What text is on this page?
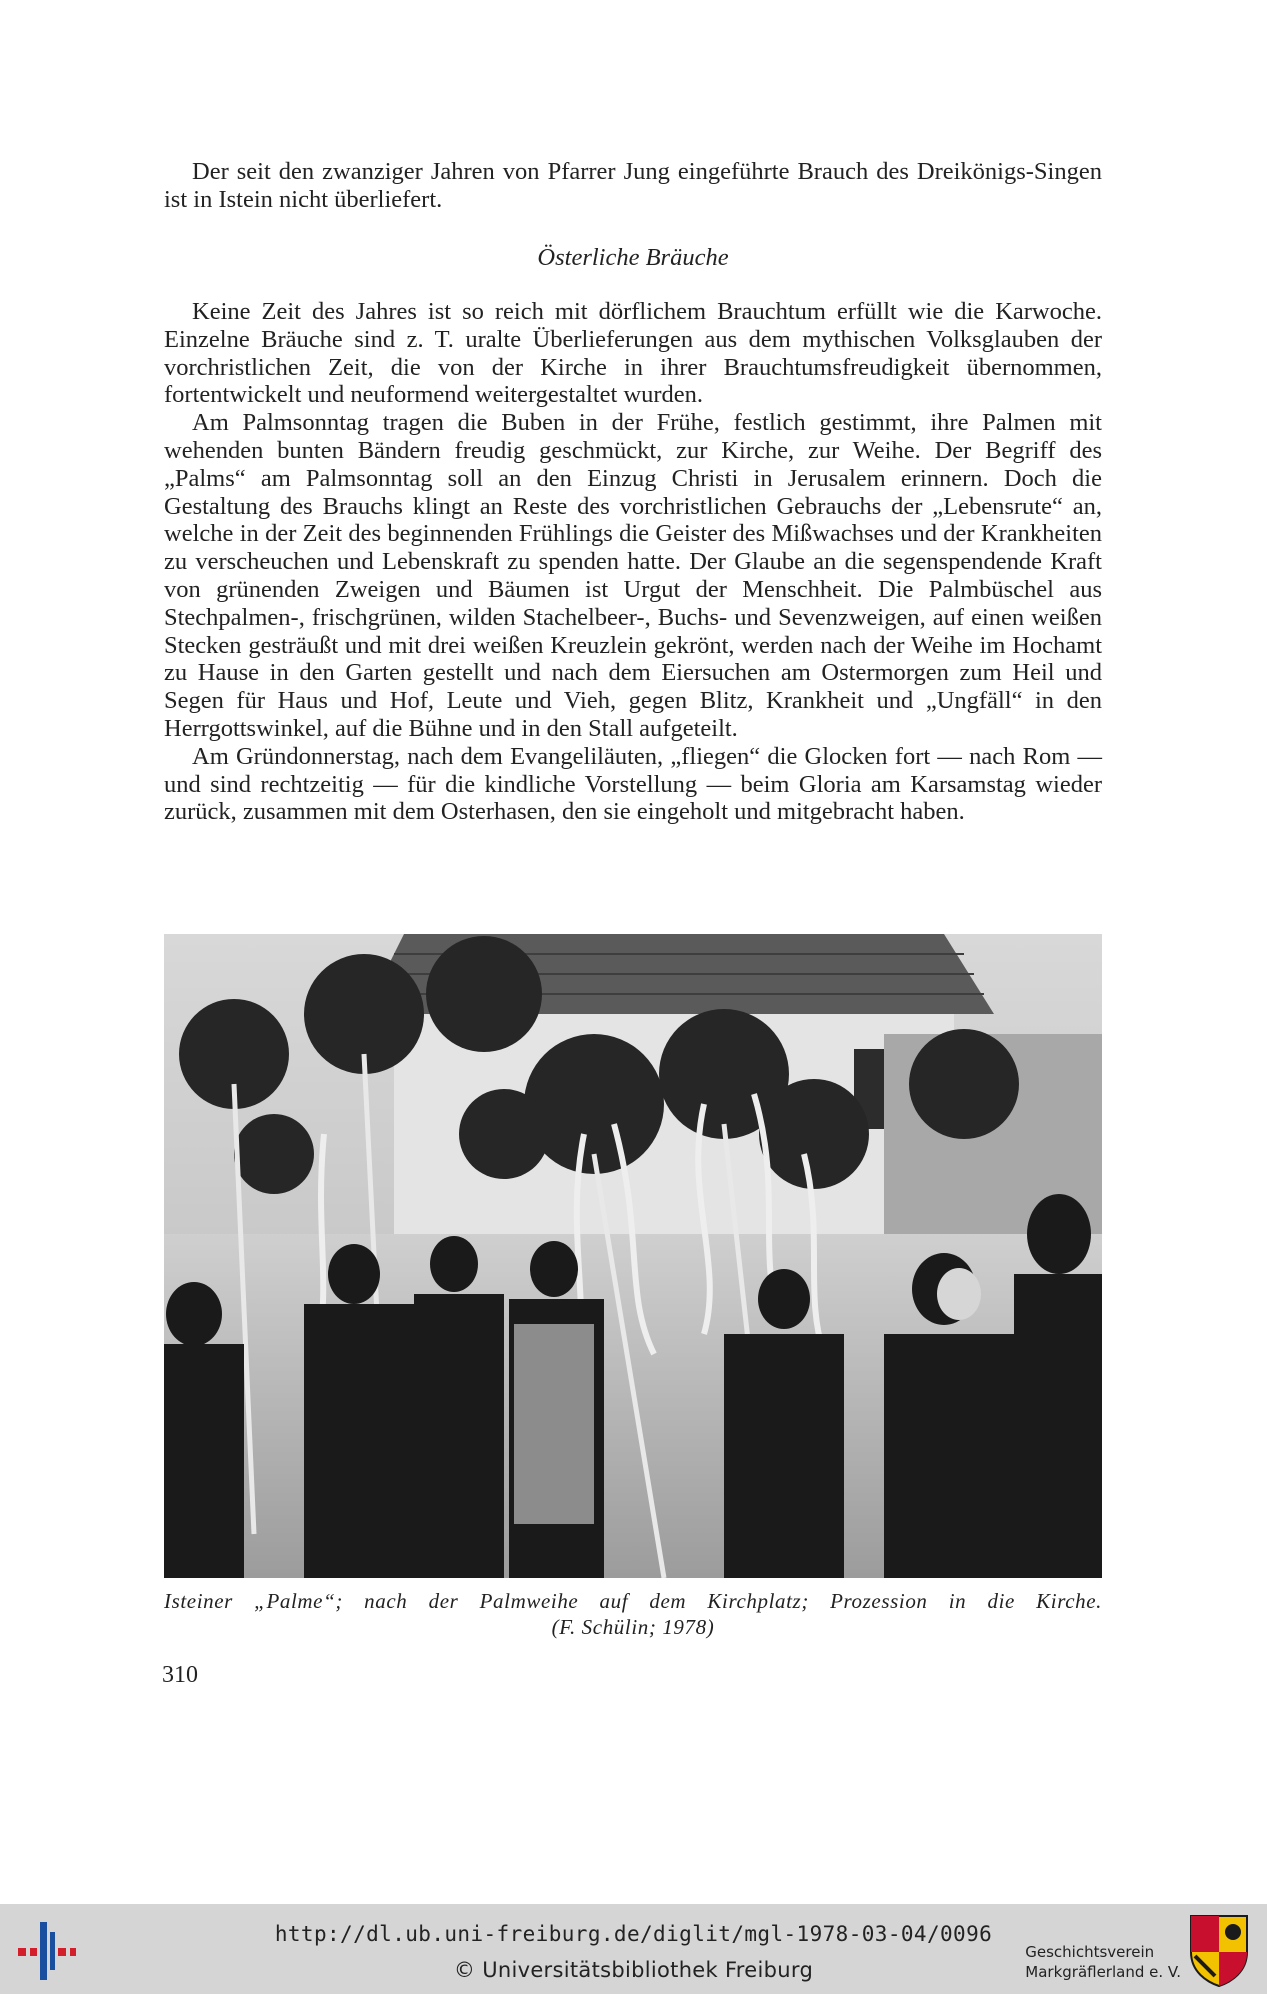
Der seit den zwanziger Jahren von Pfarrer Jung eingeführte Brauch des Dreikönigs-Singen ist in Istein nicht überliefert.

Österliche Bräuche

Keine Zeit des Jahres ist so reich mit dörflichem Brauchtum erfüllt wie die Karwoche. Einzelne Bräuche sind z. T. uralte Überlieferungen aus dem mythischen Volksglauben der vorchristlichen Zeit, die von der Kirche in ihrer Brauchtumsfreudigkeit übernommen, fortentwickelt und neuformend weitergestaltet wurden.

Am Palmsonntag tragen die Buben in der Frühe, festlich gestimmt, ihre Palmen mit wehenden bunten Bändern freudig geschmückt, zur Kirche, zur Weihe. Der Begriff des „Palms“ am Palmsonntag soll an den Einzug Christi in Jerusalem erinnern. Doch die Gestaltung des Brauchs klingt an Reste des vorchristlichen Gebrauchs der „Lebensrute“ an, welche in der Zeit des beginnenden Frühlings die Geister des Mißwachses und der Krankheiten zu verscheuchen und Lebenskraft zu spenden hatte. Der Glaube an die segenspendende Kraft von grünenden Zweigen und Bäumen ist Urgut der Menschheit. Die Palmbüschel aus Stechpalmen-, frischgrünen, wilden Stachelbeer-, Buchs- und Sevenzweigen, auf einen weißen Stecken gesträußt und mit drei weißen Kreuzlein gekrönt, werden nach der Weihe im Hochamt zu Hause in den Garten gestellt und nach dem Eiersuchen am Ostermorgen zum Heil und Segen für Haus und Hof, Leute und Vieh, gegen Blitz, Krankheit und „Ungfäll“ in den Herrgottswinkel, auf die Bühne und in den Stall aufgeteilt.

Am Gründonnerstag, nach dem Evangeliläuten, „fliegen“ die Glocken fort — nach Rom — und sind rechtzeitig — für die kindliche Vorstellung — beim Gloria am Karsamstag wieder zurück, zusammen mit dem Osterhasen, den sie eingeholt und mitgebracht haben.

Isteiner „Palme“; nach der Palmweihe auf dem Kirchplatz; Prozession in die Kirche.
(F. Schülin; 1978)
310
http://dl.ub.uni-freiburg.de/diglit/mgl-1978-03-04/0096
© Universitätsbibliothek Freiburg
Geschichtsverein
Markgräflerland e. V.
